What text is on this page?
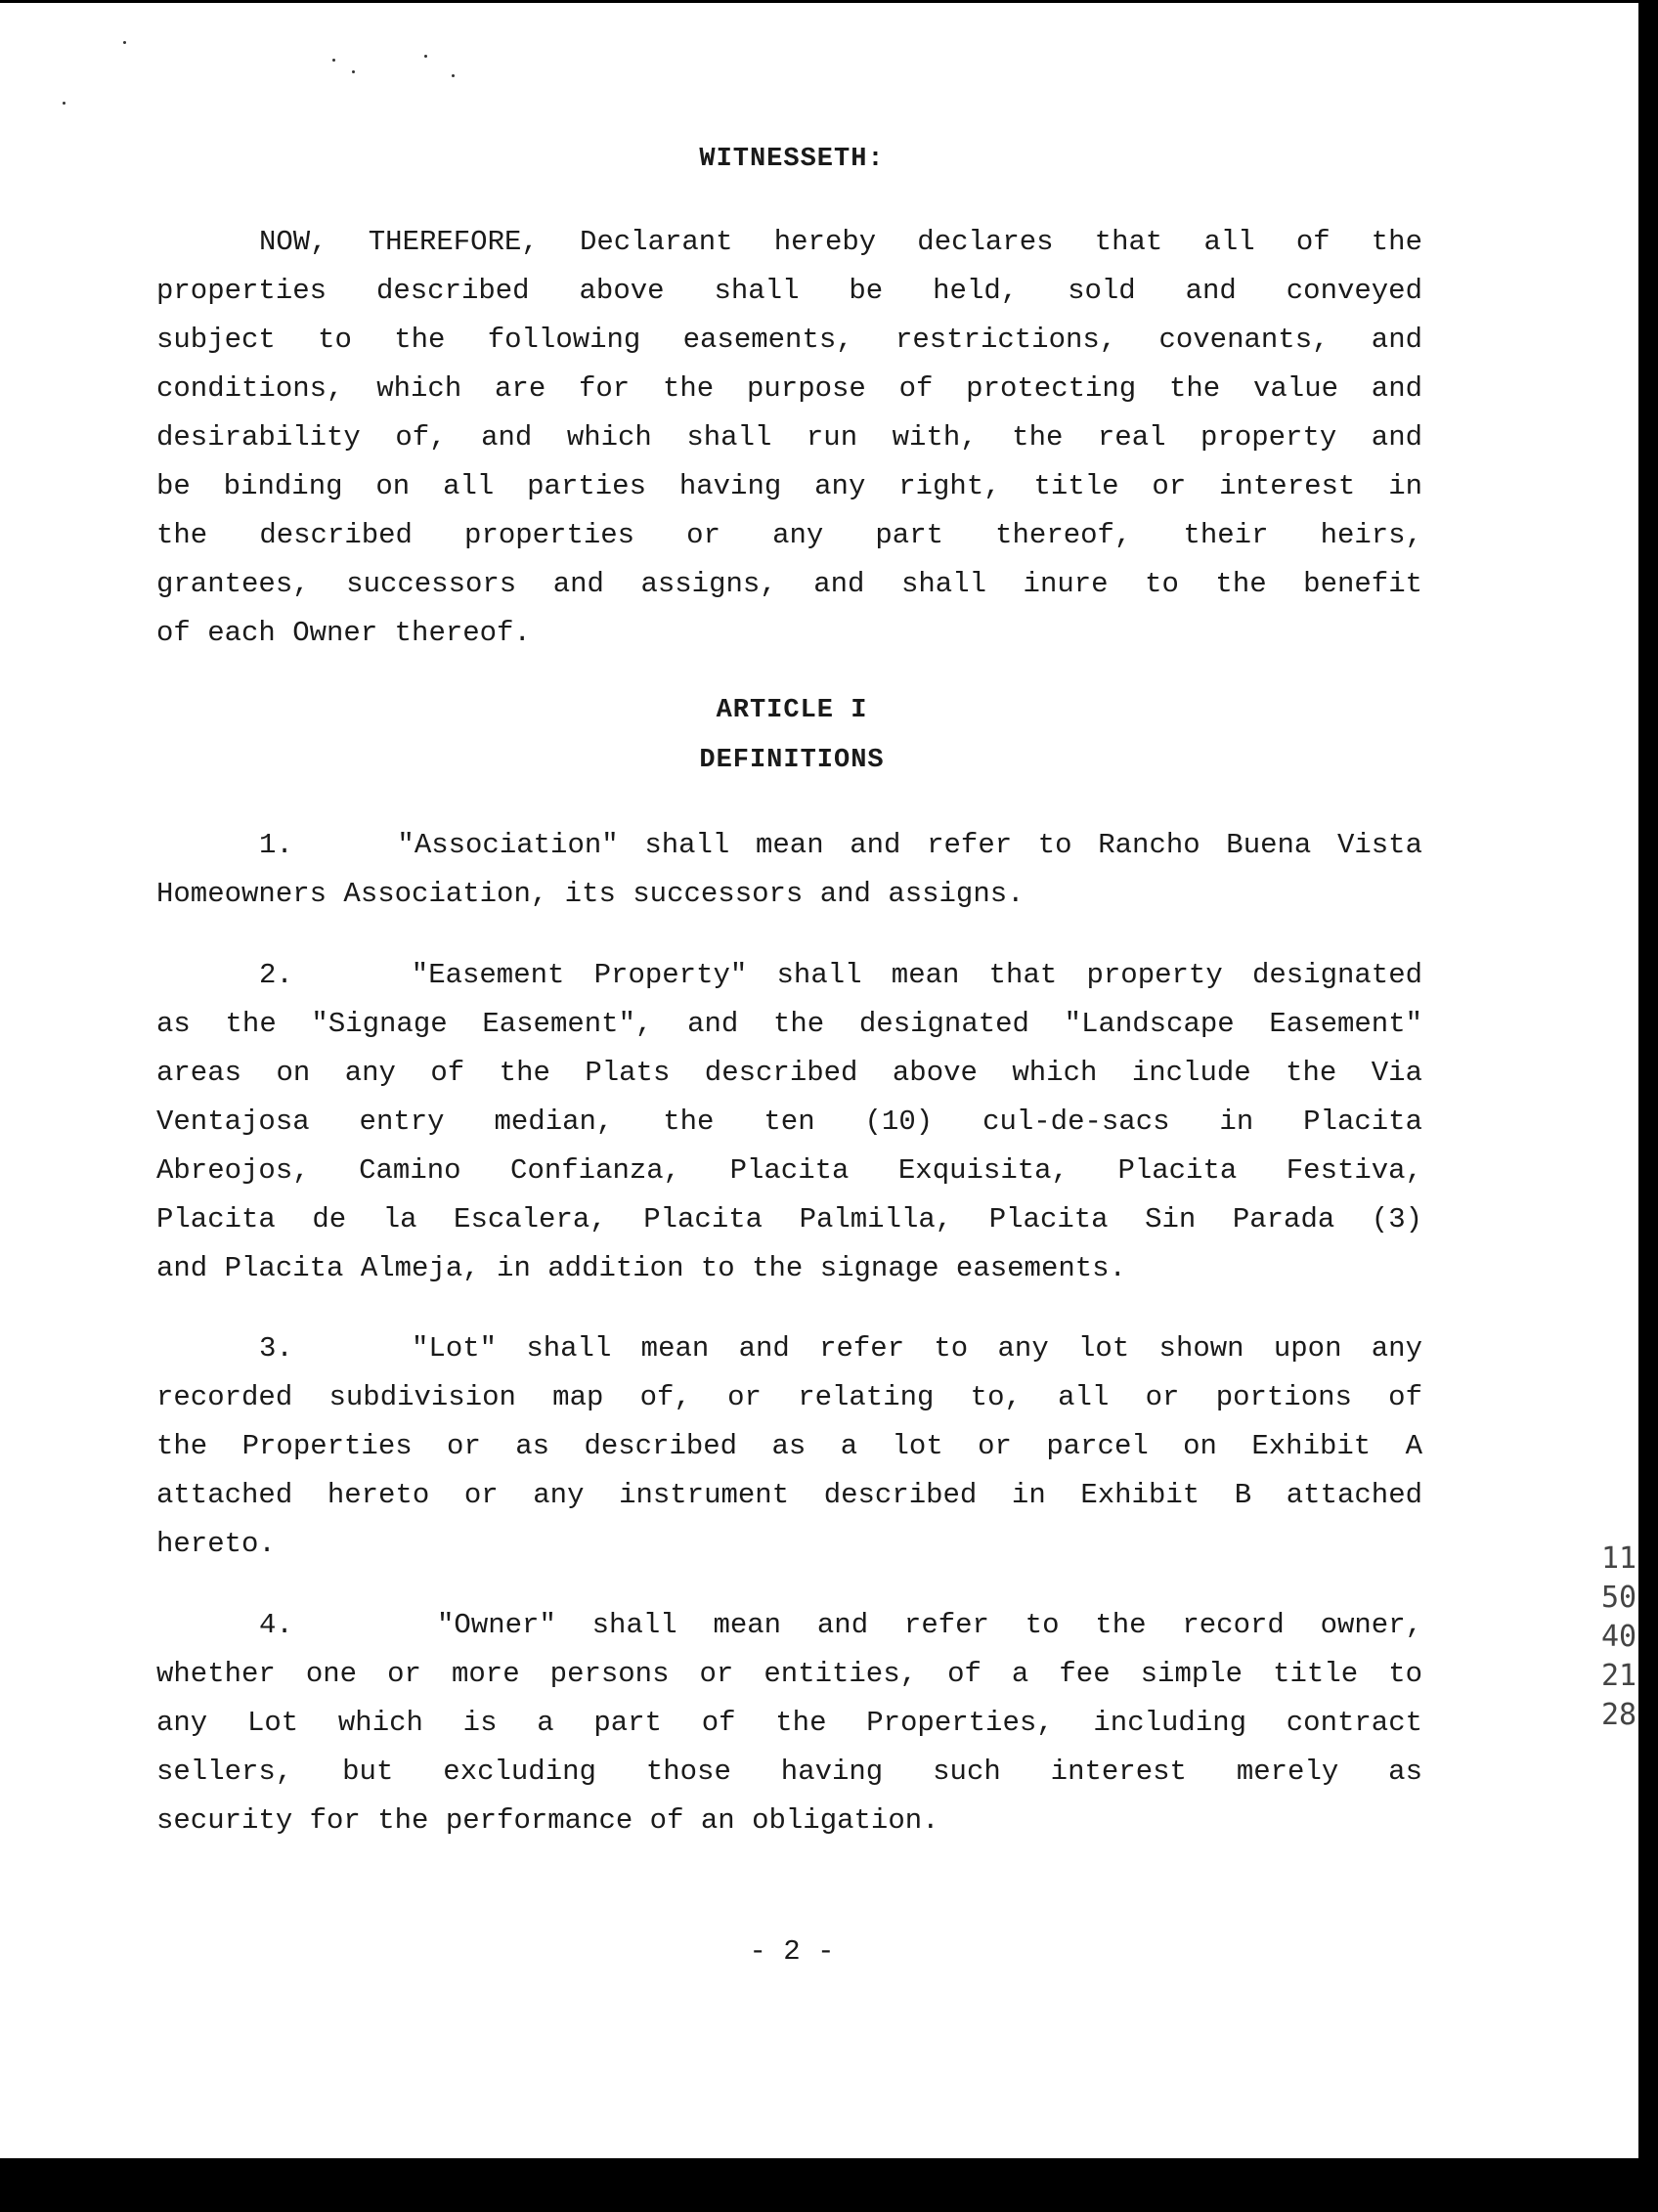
WITNESSETH:
NOW, THEREFORE, Declarant hereby declares that all of the
properties described above shall be held, sold and conveyed
subject to the following easements, restrictions, covenants, and
conditions, which are for the purpose of protecting the value and
desirability of, and which shall run with, the real property and
be binding on all parties having any right, title or interest in
the described properties or any part thereof, their heirs,
grantees, successors and assigns, and shall inure to the benefit
of each Owner thereof.
ARTICLE I
DEFINITIONS
1.    "Association" shall mean and refer to Rancho Buena Vista
Homeowners Association, its successors and assigns.
2.    "Easement Property" shall mean that property designated
as the "Signage Easement", and the designated "Landscape Easement"
areas on any of the Plats described above which include the Via
Ventajosa entry median, the ten (10) cul-de-sacs in Placita
Abreojos, Camino Confianza, Placita Exquisita, Placita Festiva,
Placita de la Escalera, Placita Palmilla, Placita Sin Parada (3)
and Placita Almeja, in addition to the signage easements.
3.    "Lot" shall mean and refer to any lot shown upon any
recorded subdivision map of, or relating to, all or portions of
the Properties or as described as a lot or parcel on Exhibit A
attached hereto or any instrument described in Exhibit B attached
hereto.
4.    "Owner" shall mean and refer to the record owner,
whether one or more persons or entities, of a fee simple title to
any Lot which is a part of the Properties, including contract
sellers, but excluding those having such interest merely as
security for the performance of an obligation.
- 2 -
1150402128
